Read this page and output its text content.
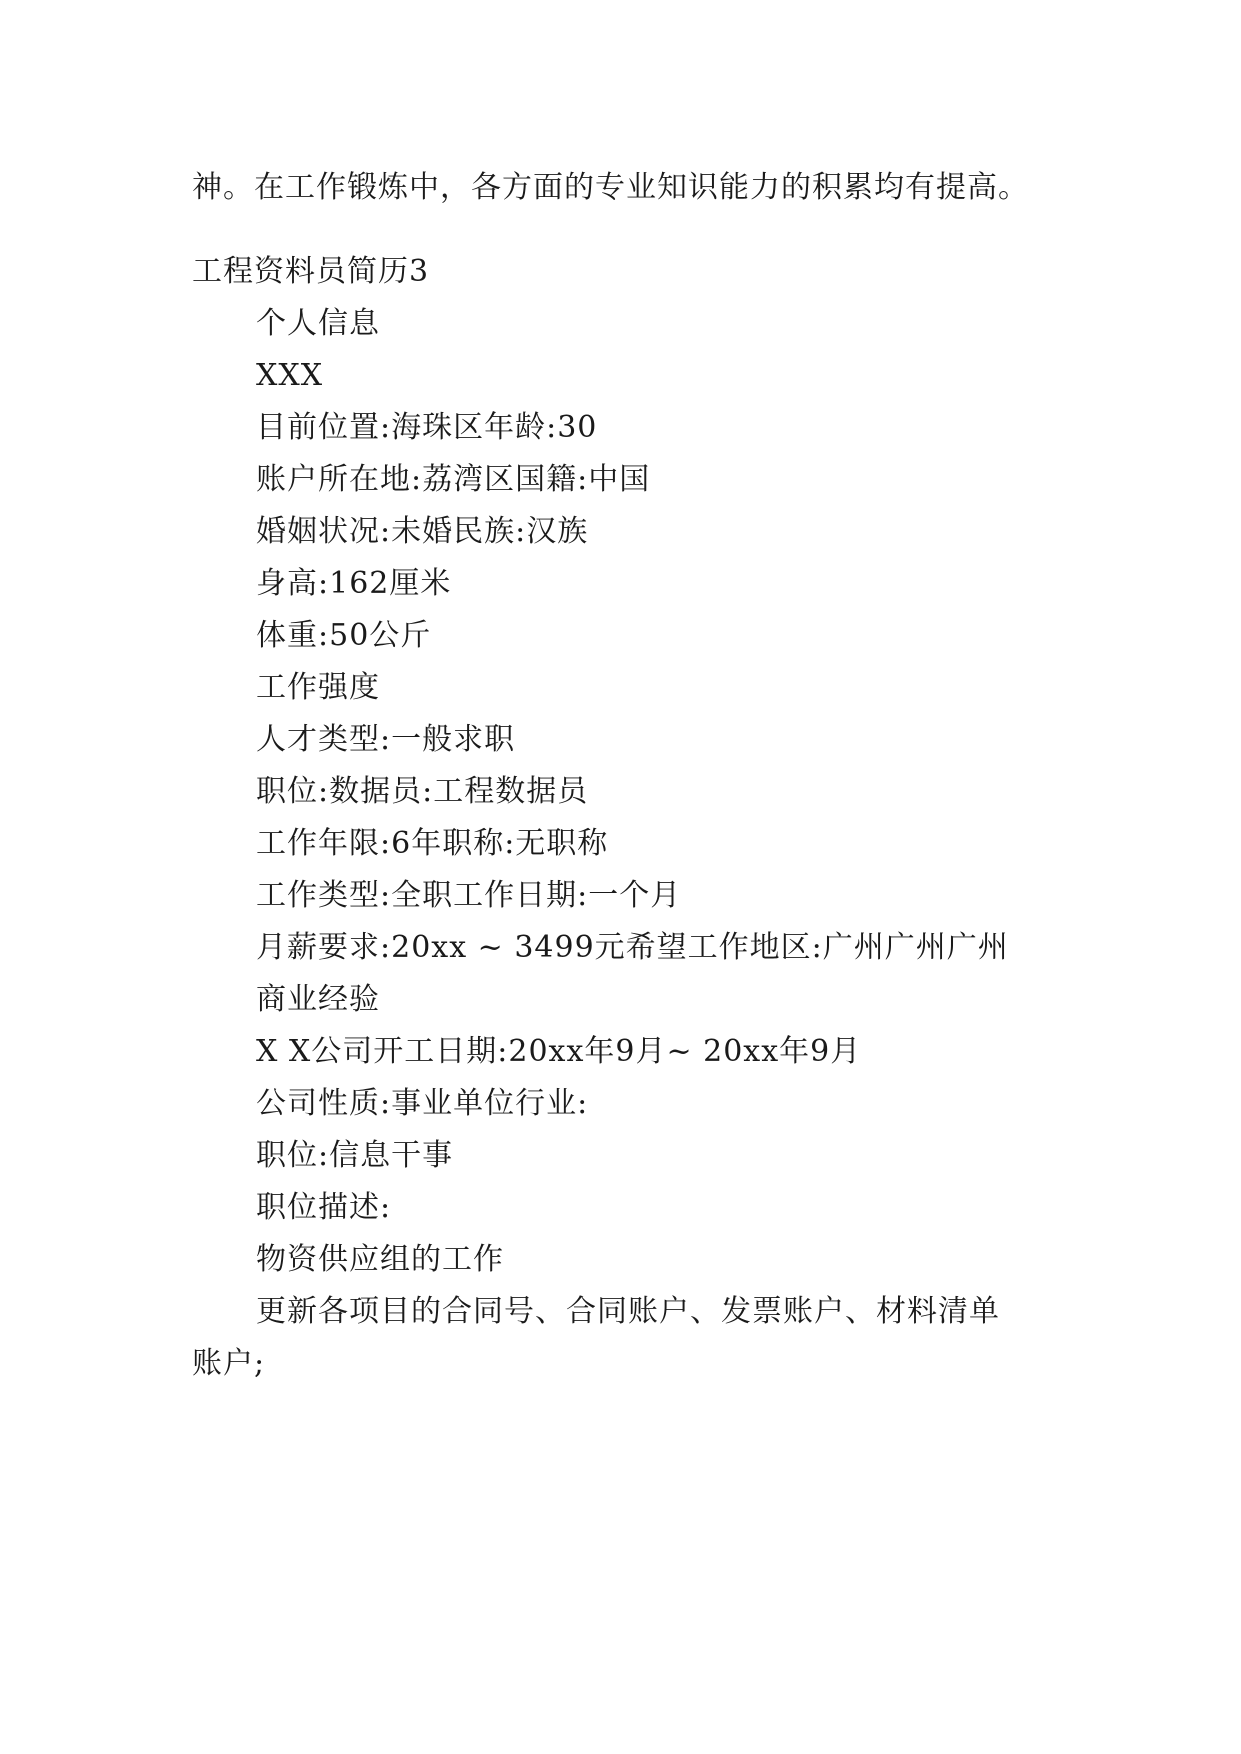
神。在工作锻炼中，各方面的专业知识能力的积累均有提高。
工程资料员简历3
个人信息
XXX
目前位置:海珠区年龄:30
账户所在地:荔湾区国籍:中国
婚姻状况:未婚民族:汉族
身高:162厘米
体重:50公斤
工作强度
人才类型:一般求职
职位:数据员:工程数据员
工作年限:6年职称:无职称
工作类型:全职工作日期:一个月
月薪要求:20xx ~ 3499元希望工作地区:广州广州广州
商业经验
X X公司开工日期:20xx年9月~ 20xx年9月
公司性质:事业单位行业:
职位:信息干事
职位描述:
物资供应组的工作
更新各项目的合同号、合同账户、发票账户、材料清单
账户;
